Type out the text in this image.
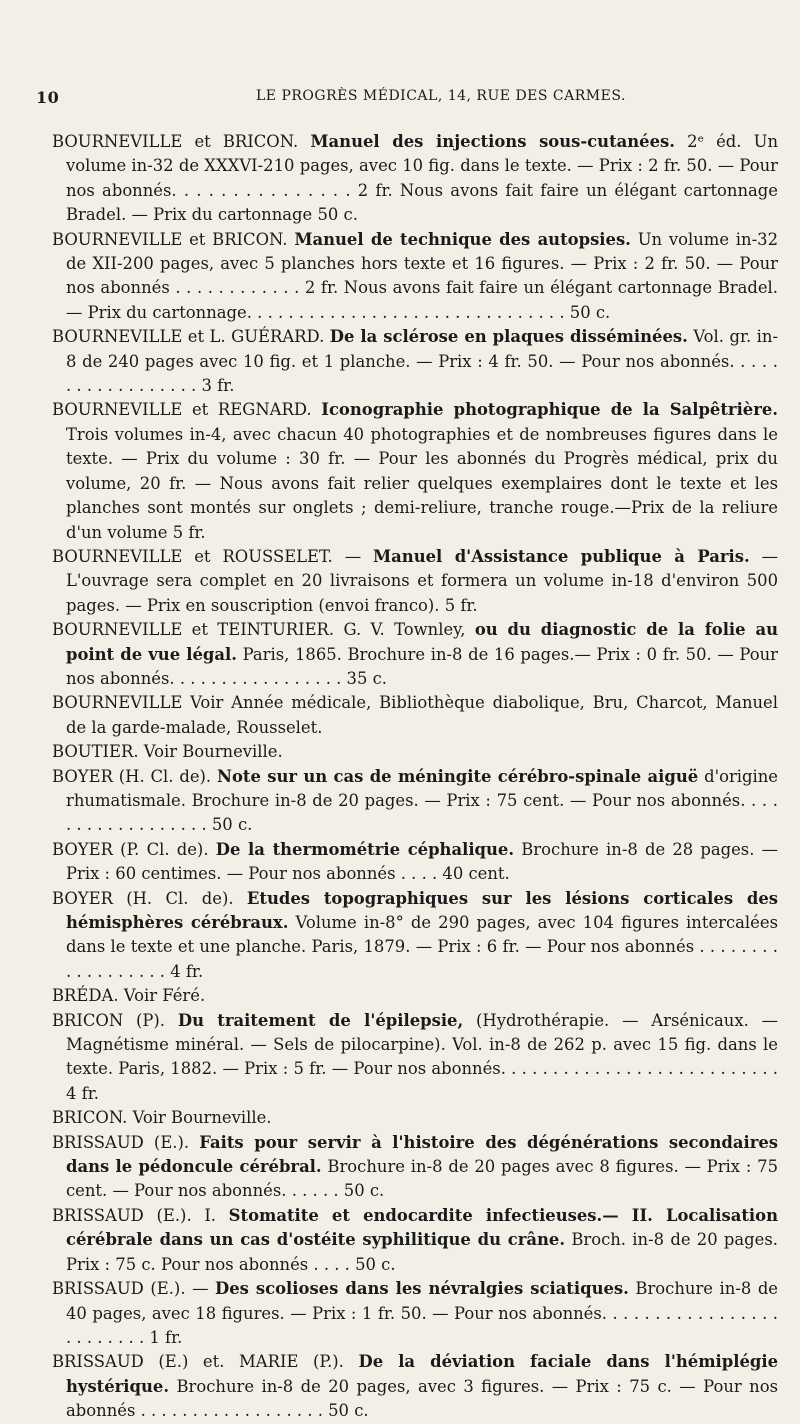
10	LE PROGRÈS MÉDICAL, 14, RUE DES CARMES.

BOURNEVILLE et BRICON. Manuel des injections sous-cutanées. 2ᵉ éd. Un volume in-32 de XXXVI-210 pages, avec 10 fig. dans le texte. — Prix : 2 fr. 50. — Pour nos abonnés. . . . . . . . . . . . . . . 2 fr. Nous avons fait faire un élégant cartonnage Bradel. — Prix du cartonnage 50 c.

BOURNEVILLE et BRICON. Manuel de technique des autopsies. Un volume in-32 de XII-200 pages, avec 5 planches hors texte et 16 figures. — Prix : 2 fr. 50. — Pour nos abonnés . . . . . . . . . . . . 2 fr. Nous avons fait faire un élégant cartonnage Bradel. — Prix du cartonnage. . . . . . . . . . . . . . . . . . . . . . . . . . . . . . . 50 c.

BOURNEVILLE et L. GUÉRARD. De la sclérose en plaques disséminées. Vol. gr. in-8 de 240 pages avec 10 fig. et 1 planche. — Prix : 4 fr. 50. — Pour nos abonnés. . . . . . . . . . . . . . . . . . 3 fr.

BOURNEVILLE et REGNARD. Iconographie photographique de la Salpêtrière. Trois volumes in-4, avec chacun 40 photographies et de nombreuses figures dans le texte. — Prix du volume : 30 fr. — Pour les abonnés du Progrès médical, prix du volume, 20 fr. — Nous avons fait relier quelques exemplaires dont le texte et les planches sont montés sur onglets ; demi-reliure, tranche rouge.—Prix de la reliure d'un volume 5 fr.

BOURNEVILLE et ROUSSELET. — Manuel d'Assistance publique à Paris. — L'ouvrage sera complet en 20 livraisons et formera un volume in-18 d'environ 500 pages. — Prix en souscription (envoi franco). 5 fr.

BOURNEVILLE et TEINTURIER. G. V. Townley, ou du diagnostic de la folie au point de vue légal. Paris, 1865. Brochure in-8 de 16 pages.— Prix : 0 fr. 50. — Pour nos abonnés. . . . . . . . . . . . . . . . . 35 c.

BOURNEVILLE Voir Année médicale, Bibliothèque diabolique, Bru, Charcot, Manuel de la garde-malade, Rousselet.

BOUTIER. Voir Bourneville.

BOYER (H. Cl. de). Note sur un cas de méningite cérébro-spinale aiguë d'origine rhumatismale. Brochure in-8 de 20 pages. — Prix : 75 cent. — Pour nos abonnés. . . . . . . . . . . . . . . . . . 50 c.

BOYER (P. Cl. de). De la thermométrie céphalique. Brochure in-8 de 28 pages. — Prix : 60 centimes. — Pour nos abonnés . . . . 40 cent.

BOYER (H. Cl. de). Etudes topographiques sur les lésions corticales des hémisphères cérébraux. Volume in-8° de 290 pages, avec 104 figures intercalées dans le texte et une planche. Paris, 1879. — Prix : 6 fr. — Pour nos abonnés . . . . . . . . . . . . . . . . . . 4 fr.

BRÉDA. Voir Féré.

BRICON (P). Du traitement de l'épilepsie, (Hydrothérapie. — Arsénicaux. — Magnétisme minéral. — Sels de pilocarpine). Vol. in-8 de 262 p. avec 15 fig. dans le texte. Paris, 1882. — Prix : 5 fr. — Pour nos abonnés. . . . . . . . . . . . . . . . . . . . . . . . . . . 4 fr.

BRICON. Voir Bourneville.

BRISSAUD (E.). Faits pour servir à l'histoire des dégénérations secondaires dans le pédoncule cérébral. Brochure in-8 de 20 pages avec 8 figures. — Prix : 75 cent. — Pour nos abonnés. . . . . . 50 c.

BRISSAUD (E.). I. Stomatite et endocardite infectieuses.— II. Localisation cérébrale dans un cas d'ostéite syphilitique du crâne. Broch. in-8 de 20 pages. Prix : 75 c. Pour nos abonnés . . . . 50 c.

BRISSAUD (E.). — Des scolioses dans les névralgies sciatiques. Brochure in-8 de 40 pages, avec 18 figures. — Prix : 1 fr. 50. — Pour nos abonnés. . . . . . . . . . . . . . . . . . . . . . . . . 1 fr.

BRISSAUD (E.) et. MARIE (P.). De la déviation faciale dans l'hémiplégie hystérique. Brochure in-8 de 20 pages, avec 3 figures. — Prix : 75 c. — Pour nos abonnés . . . . . . . . . . . . . . . . . . 50 c.
